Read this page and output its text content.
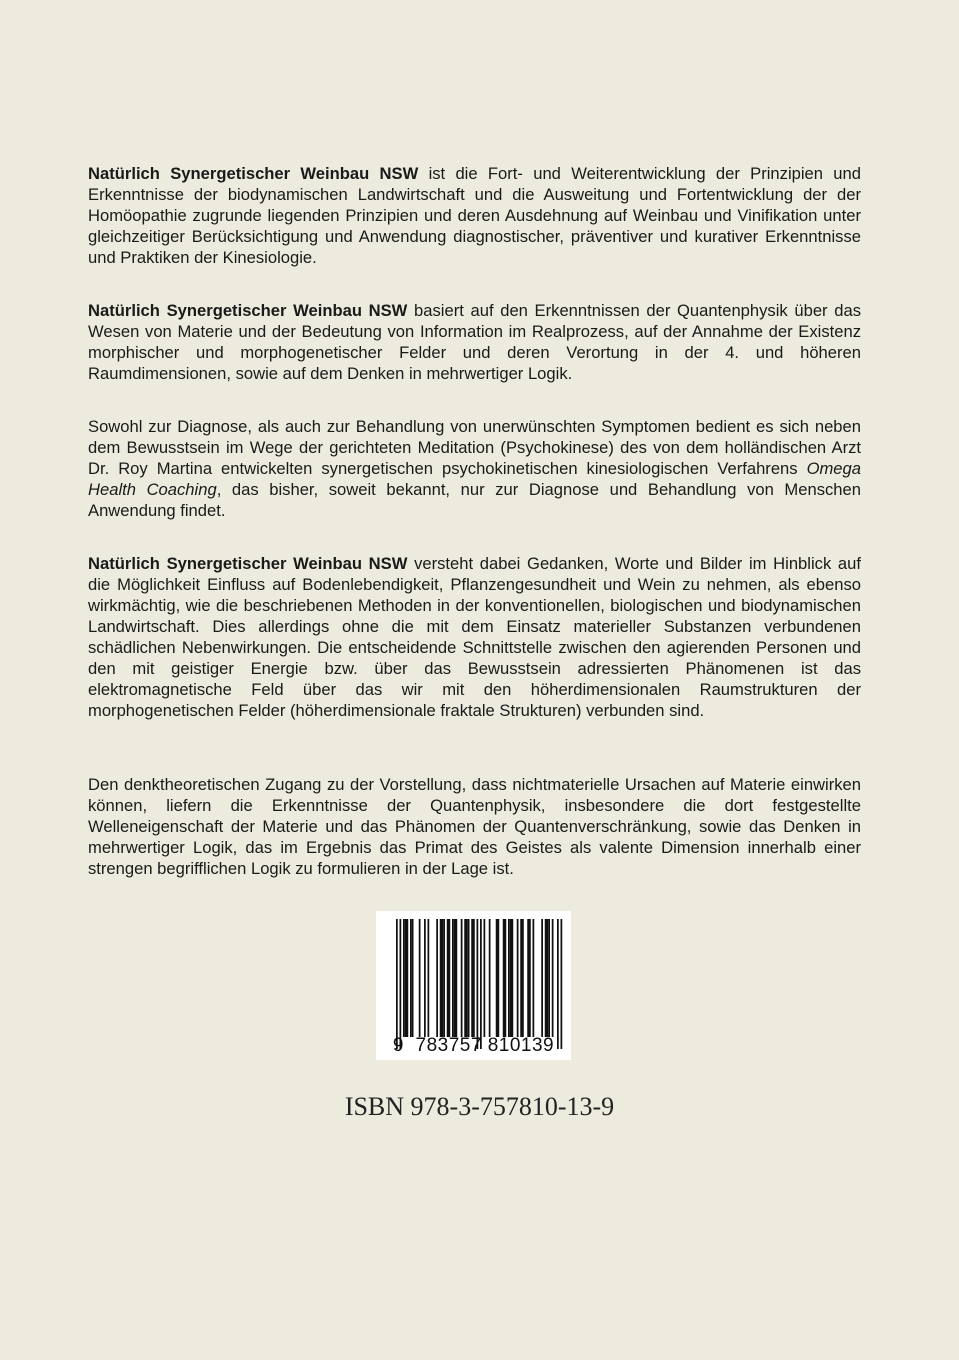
Natürlich Synergetischer Weinbau NSW ist die Fort- und Weiterentwicklung der Prinzipien und Erkenntnisse der biodynamischen Landwirtschaft und die Ausweitung und Fortentwicklung der der Homöopathie zugrunde liegenden Prinzipien und deren Ausdehnung auf Weinbau und Vinifikation unter gleichzeitiger Berücksichtigung und Anwendung diagnostischer, präventiver und kurativer Erkenntnisse und Praktiken der Kinesiologie.

Natürlich Synergetischer Weinbau NSW basiert auf den Erkenntnissen der Quantenphysik über das Wesen von Materie und der Bedeutung von Information im Realprozess, auf der Annahme der Existenz morphischer und morphogenetischer Felder und deren Verortung in der 4. und höheren Raumdimensionen, sowie auf dem Denken in mehrwertiger Logik.

Sowohl zur Diagnose, als auch zur Behandlung von unerwünschten Symptomen bedient es sich neben dem Bewusstsein im Wege der gerichteten Meditation (Psychokinese) des von dem holländischen Arzt Dr. Roy Martina entwickelten synergetischen psychokinetischen kinesiologischen Verfahrens Omega Health Coaching, das bisher, soweit bekannt, nur zur Diagnose und Behandlung von Menschen Anwendung findet.

Natürlich Synergetischer Weinbau NSW versteht dabei Gedanken, Worte und Bilder im Hinblick auf die Möglichkeit Einfluss auf Bodenlebendigkeit, Pflanzengesundheit und Wein zu nehmen, als ebenso wirkmächtig, wie die beschriebenen Methoden in der konventionellen, biologischen und biodynamischen Landwirtschaft. Dies allerdings ohne die mit dem Einsatz materieller Substanzen verbundenen schädlichen Nebenwirkungen. Die entscheidende Schnittstelle zwischen den agierenden Personen und den mit geistiger Energie bzw. über das Bewusstsein adressierten Phänomenen ist das elektromagnetische Feld über das wir mit den höherdimensionalen Raumstrukturen der morphogenetischen Felder (höherdimensionale fraktale Strukturen) verbunden sind.

Den denktheoretischen Zugang zu der Vorstellung, dass nichtmaterielle Ursachen auf Materie einwirken können, liefern die Erkenntnisse der Quantenphysik, insbesondere die dort festgestellte Welleneigenschaft der Materie und das Phänomen der Quantenverschränkung, sowie das Denken in mehrwertiger Logik, das im Ergebnis das Primat des Geistes als valente Dimension innerhalb einer strengen begrifflichen Logik zu formulieren in der Lage ist.

9 783757 810139
ISBN 978-3-757810-13-9
